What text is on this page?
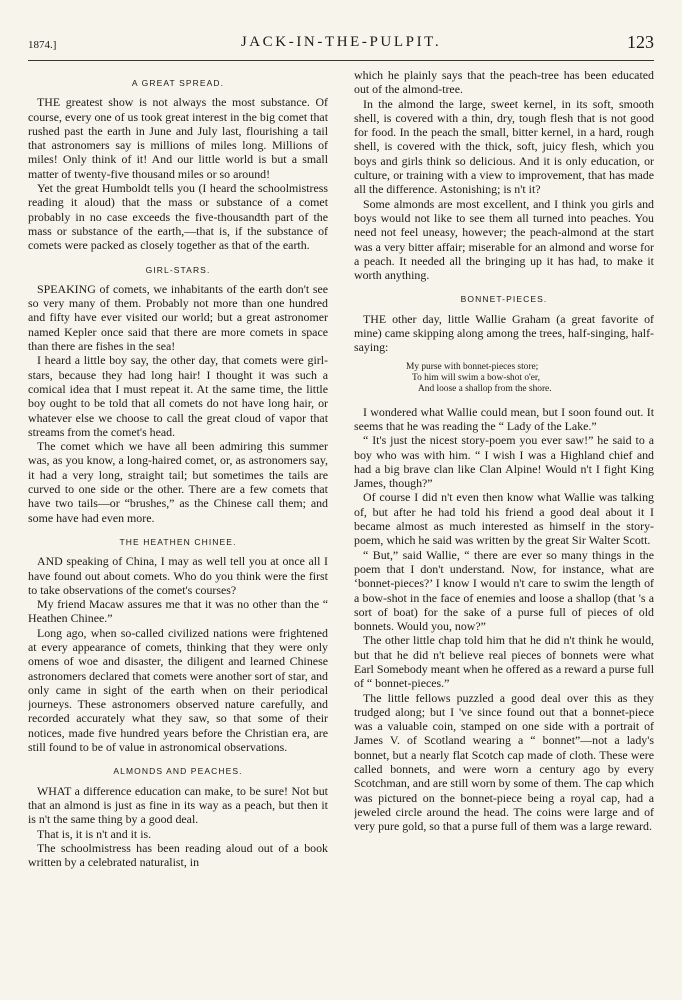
1874.]	JACK-IN-THE-PULPIT.	123
A GREAT SPREAD.

THE greatest show is not always the most substance. Of course, every one of us took great interest in the big comet that rushed past the earth in June and July last, flourishing a tail that astronomers say is millions of miles long. Millions of miles! Only think of it! And our little world is but a small matter of twenty-five thousand miles or so around!

Yet the great Humboldt tells you (I heard the schoolmistress reading it aloud) that the mass or substance of a comet probably in no case exceeds the five-thousandth part of the mass or substance of the earth,—that is, if the substance of comets were packed as closely together as that of the earth.

GIRL-STARS.

SPEAKING of comets, we inhabitants of the earth don't see so very many of them. Probably not more than one hundred and fifty have ever visited our world; but a great astronomer named Kepler once said that there are more comets in space than there are fishes in the sea!

I heard a little boy say, the other day, that comets were girl-stars, because they had long hair! I thought it was such a comical idea that I must repeat it. At the same time, the little boy ought to be told that all comets do not have long hair, or whatever else we choose to call the great cloud of vapor that streams from the comet's head.

The comet which we have all been admiring this summer was, as you know, a long-haired comet, or, as astronomers say, it had a very long, straight tail; but sometimes the tails are curved to one side or the other. There are a few comets that have two tails—or “brushes,” as the Chinese call them; and some have had even more.

THE HEATHEN CHINEE.

AND speaking of China, I may as well tell you at once all I have found out about comets. Who do you think were the first to take observations of the comet's courses?

My friend Macaw assures me that it was no other than the “ Heathen Chinee.”

Long ago, when so-called civilized nations were frightened at every appearance of comets, thinking that they were only omens of woe and disaster, the diligent and learned Chinese astronomers declared that comets were another sort of star, and only came in sight of the earth when on their periodical journeys. These astronomers observed nature carefully, and recorded accurately what they saw, so that some of their notices, made five hundred years before the Christian era, are still found to be of value in astronomical observations.

ALMONDS AND PEACHES.

WHAT a difference education can make, to be sure! Not but that an almond is just as fine in its way as a peach, but then it is n't the same thing by a good deal.

That is, it is n't and it is.

The schoolmistress has been reading aloud out of a book written by a celebrated naturalist, in

which he plainly says that the peach-tree has been educated out of the almond-tree.

In the almond the large, sweet kernel, in its soft, smooth shell, is covered with a thin, dry, tough flesh that is not good for food. In the peach the small, bitter kernel, in a hard, rough shell, is covered with the thick, soft, juicy flesh, which you boys and girls think so delicious. And it is only education, or culture, or training with a view to improvement, that has made all the difference. Astonishing; is n't it?

Some almonds are most excellent, and I think you girls and boys would not like to see them all turned into peaches. You need not feel uneasy, however; the peach-almond at the start was a very bitter affair; miserable for an almond and worse for a peach. It needed all the bringing up it has had, to make it worth anything.

BONNET-PIECES.

THE other day, little Wallie Graham (a great favorite of mine) came skipping along among the trees, half-singing, half-saying:

My purse with bonnet-pieces store;
To him will swim a bow-shot o'er,
And loose a shallop from the shore.

I wondered what Wallie could mean, but I soon found out. It seems that he was reading the “ Lady of the Lake.”

“ It's just the nicest story-poem you ever saw!” he said to a boy who was with him. “ I wish I was a Highland chief and had a big brave clan like Clan Alpine! Would n't I fight King James, though?”

Of course I did n't even then know what Wallie was talking of, but after he had told his friend a good deal about it I became almost as much interested as himself in the story-poem, which he said was written by the great Sir Walter Scott.

“ But,” said Wallie, “ there are ever so many things in the poem that I don't understand. Now, for instance, what are ‘bonnet-pieces?’ I know I would n't care to swim the length of a bow-shot in the face of enemies and loose a shallop (that 's a sort of boat) for the sake of a purse full of pieces of old bonnets. Would you, now?”

The other little chap told him that he did n't think he would, but that he did n't believe real pieces of bonnets were what Earl Somebody meant when he offered as a reward a purse full of “ bonnet-pieces.”

The little fellows puzzled a good deal over this as they trudged along; but I 've since found out that a bonnet-piece was a valuable coin, stamped on one side with a portrait of James V. of Scotland wearing a “ bonnet”—not a lady's bonnet, but a nearly flat Scotch cap made of cloth. These were called bonnets, and were worn a century ago by every Scotchman, and are still worn by some of them. The cap which was pictured on the bonnet-piece being a royal cap, had a jeweled circle around the head. The coins were large and of very pure gold, so that a purse full of them was a large reward.
